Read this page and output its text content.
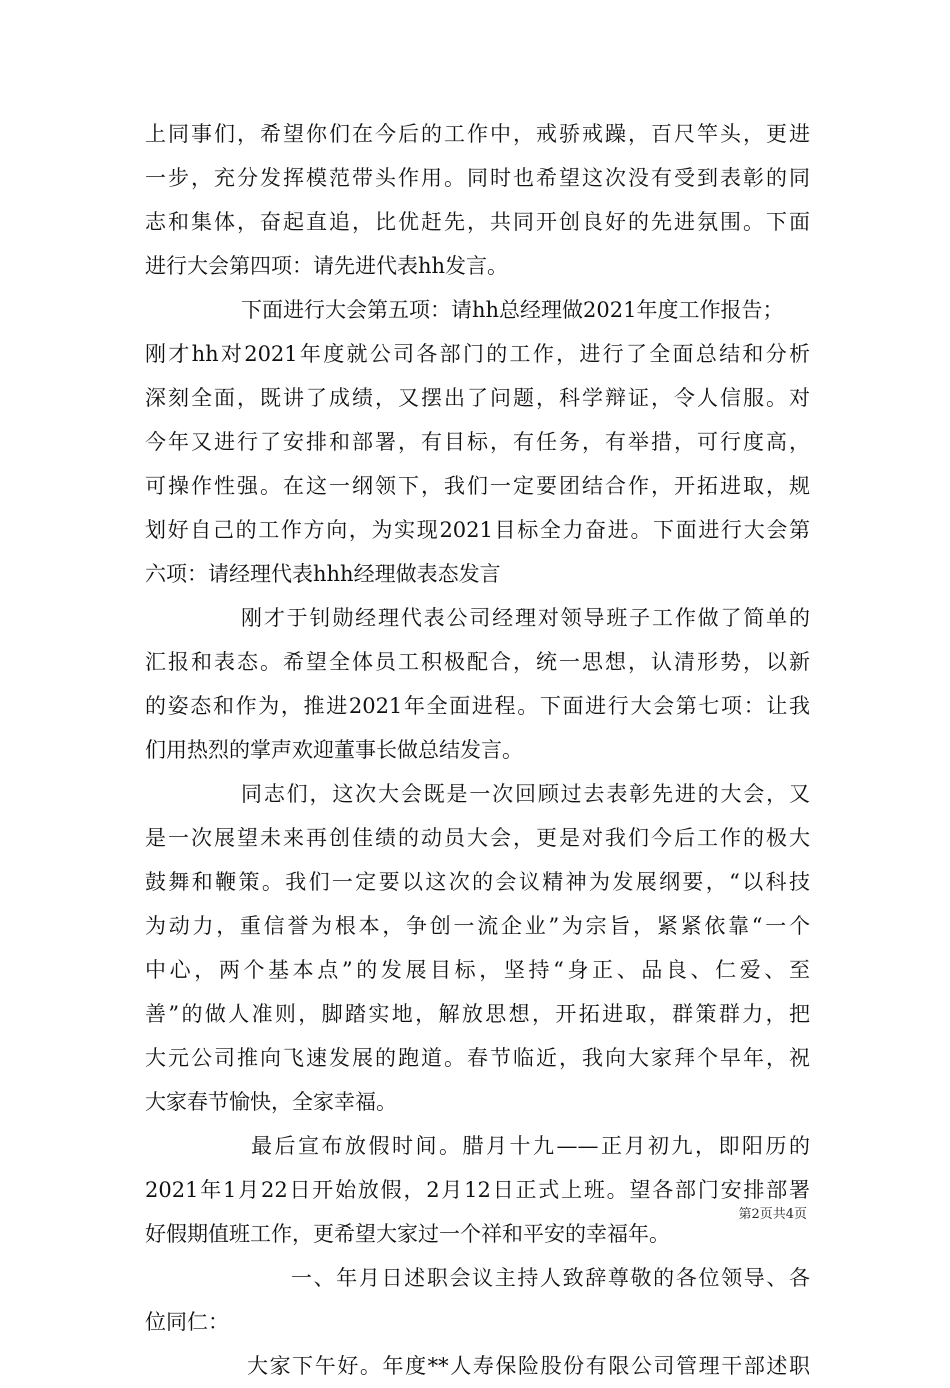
上同事们，希望你们在今后的工作中，戒骄戒躁，百尺竿头，更进
一步，充分发挥模范带头作用。同时也希望这次没有受到表彰的同
志和集体，奋起直追，比优赶先，共同开创良好的先进氛围。下面
进行大会第四项：请先进代表hh发言。
下面进行大会第五项：请hh总经理做2021年度工作报告；
刚才hh对2021年度就公司各部门的工作，进行了全面总结和分析
深刻全面，既讲了成绩，又摆出了问题，科学辩证，令人信服。对
今年又进行了安排和部署，有目标，有任务，有举措，可行度高，
可操作性强。在这一纲领下，我们一定要团结合作，开拓进取，规
划好自己的工作方向，为实现2021目标全力奋进。下面进行大会第
六项：请经理代表hhh经理做表态发言
刚才于钊勋经理代表公司经理对领导班子工作做了简单的
汇报和表态。希望全体员工积极配合，统一思想，认清形势，以新
的姿态和作为，推进2021年全面进程。下面进行大会第七项：让我
们用热烈的掌声欢迎董事长做总结发言。
同志们，这次大会既是一次回顾过去表彰先进的大会，又
是一次展望未来再创佳绩的动员大会，更是对我们今后工作的极大
鼓舞和鞭策。我们一定要以这次的会议精神为发展纲要，“以科技
为动力，重信誉为根本，争创一流企业”为宗旨，紧紧依靠“一个
中心，两个基本点”的发展目标，坚持“身正、品良、仁爱、至
善”的做人准则，脚踏实地，解放思想，开拓进取，群策群力，把
大元公司推向飞速发展的跑道。春节临近，我向大家拜个早年，祝
大家春节愉快，全家幸福。
最后宣布放假时间。腊月十九——正月初九，即阳历的
2021年1月22日开始放假，2月12日正式上班。望各部门安排部署
好假期值班工作，更希望大家过一个祥和平安的幸福年。
一、年月日述职会议主持人致辞尊敬的各位领导、各
位同仁：
大家下午好。年度**人寿保险股份有限公司管理干部述职
第2页共4页
